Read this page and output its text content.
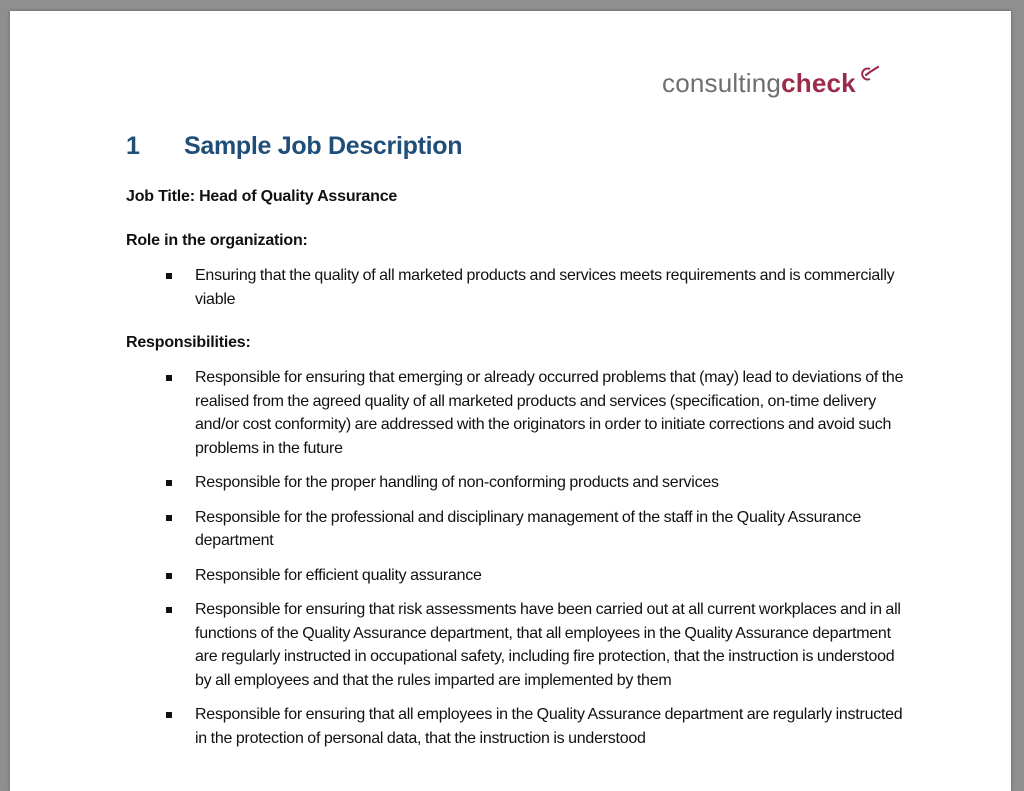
consultingcheck
1 Sample Job Description
Job Title: Head of Quality Assurance
Role in the organization:
Ensuring that the quality of all marketed products and services meets requirements and is commercially viable
Responsibilities:
Responsible for ensuring that emerging or already occurred problems that (may) lead to deviations of the realised from the agreed quality of all marketed products and services (specification, on-time delivery and/or cost conformity) are addressed with the originators in order to initiate corrections and avoid such problems in the future
Responsible for the proper handling of non-conforming products and services
Responsible for the professional and disciplinary management of the staff in the Quality Assurance department
Responsible for efficient quality assurance
Responsible for ensuring that risk assessments have been carried out at all current workplaces and in all functions of the Quality Assurance department, that all employees in the Quality Assurance department are regularly instructed in occupational safety, including fire protection, that the instruction is understood by all employees and that the rules imparted are implemented by them
Responsible for ensuring that all employees in the Quality Assurance department are regularly instructed in the protection of personal data, that the instruction is understood
